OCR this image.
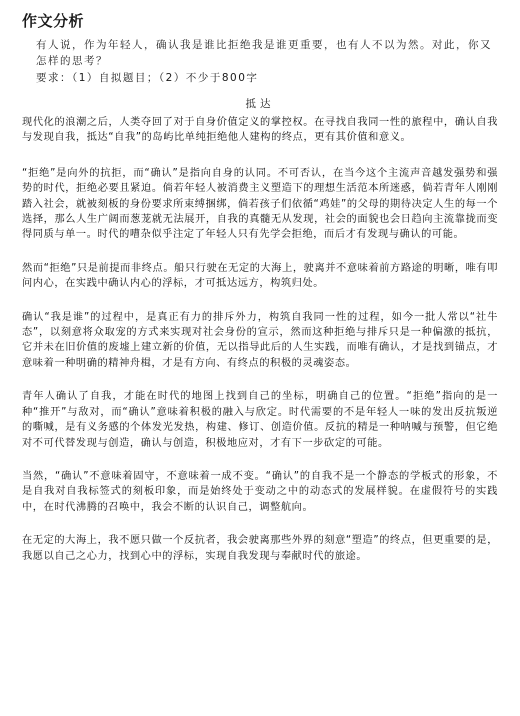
作文分析

有人说，作为年轻人，确认我是谁比拒绝我是谁更重要，也有人不以为然。对此，你又怎样的思考？

要求：（1）自拟题目；（2）不少于800字
抵达

现代化的浪潮之后，人类夺回了对于自身价值定义的掌控权。在寻找自我同一性的旅程中，确认自我与发现自我，抵达“自我”的岛屿比单纯拒绝他人建构的终点，更有其价值和意义。

“拒绝”是向外的抗拒，而“确认”是指向自身的认同。不可否认，在当今这个主流声音越发强势和强势的时代，拒绝必要且紧迫。倘若年轻人被消费主义塑造下的理想生活范本所迷惑，倘若青年人刚刚踏入社会，就被刻板的身份要求所束缚捆绑，倘若孩子们依循“鸡娃”的父母的期待决定人生的每一个选择，那么人生广阔而葱茏就无法展开，自我的真髓无从发现，社会的面貌也会日趋向主流靠拢而变得同质与单一。时代的嘈杂似乎注定了年轻人只有先学会拒绝，而后才有发现与确认的可能。

然而“拒绝”只是前提而非终点。船只行驶在无定的大海上，驶离并不意味着前方路途的明晰，唯有叩问内心，在实践中确认内心的浮标，才可抵达远方，构筑归处。

确认“我是谁”的过程中，是真正有力的排斥外力，构筑自我同一性的过程，如今一批人常以“社牛态”，以刻意将众取宠的方式来实现对社会身份的宣示，然而这种拒绝与排斥只是一种偏激的抵抗，它并未在旧价值的废墟上建立新的价值，无以指导此后的人生实践，而唯有确认，才是找到锚点，才意味着一种明确的精神舟楫，才是有方向、有终点的积极的灵魂姿态。

青年人确认了自我，才能在时代的地图上找到自己的坐标，明确自己的位置。“拒绝”指向的是一种“推开”与敌对，而“确认”意味着积极的融入与欣定。时代需要的不是年轻人一味的发出反抗叛逆的嘶喊，是有义务感的个体发光发热，构建、修订、创造价值。反抗的精是一种呐喊与预警，但它绝对不可代替发现与创造，确认与创造，积极地应对，才有下一步砍定的可能。

当然，“确认”不意味着固守，不意味着一成不变。“确认”的自我不是一个静态的学板式的形象，不是自我对自我标签式的刻板印象，而是始终处于变动之中的动态式的发展样貌。在虚假符号的实践中，在时代沸腾的召唤中，我会不断的认识自己，调整航向。

在无定的大海上，我不愿只做一个反抗者，我会驶离那些外界的刻意“塑造”的终点，但更重要的是，我愿以自己之心力，找到心中的浮标，实现自我发现与奉献时代的旅途。
